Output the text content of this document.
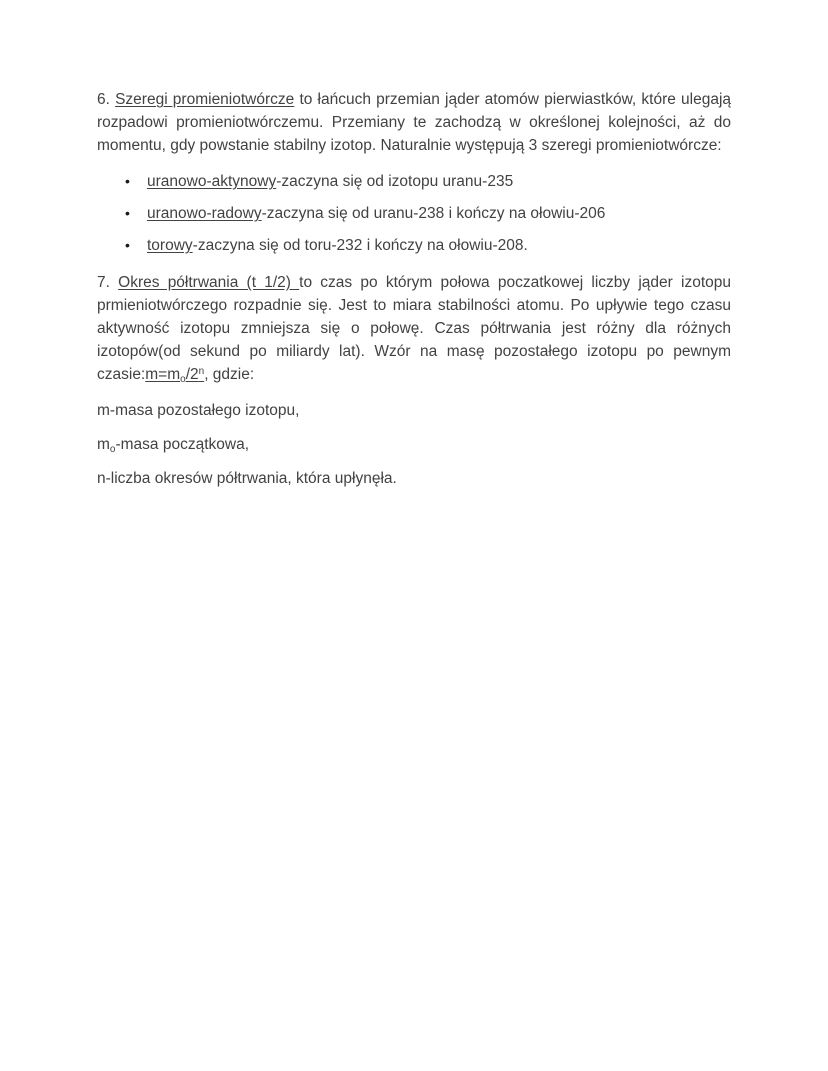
6. Szeregi promieniotwórcze to łańcuch przemian jąder atomów pierwiastków, które ulegają rozpadowi promieniotwórczemu. Przemiany te zachodzą w określonej kolejności, aż do momentu, gdy powstanie stabilny izotop. Naturalnie występują 3 szeregi promieniotwórcze:

•	uranowo-aktynowy-zaczyna się od izotopu uranu-235
•	uranowo-radowy-zaczyna się od uranu-238 i kończy na ołowiu-206
•	torowy-zaczyna się od toru-232 i kończy na ołowiu-208.

7. Okres półtrwania (t 1/2) to czas po którym połowa poczatkowej liczby jąder izotopu prmieniotwórczego rozpadnie się. Jest to miara stabilności atomu. Po upływie tego czasu aktywność izotopu zmniejsza się o połowę. Czas półtrwania jest różny dla różnych izotopów(od sekund po miliardy lat). Wzór na masę pozostałego izotopu po pewnym $czasie:m=m_o/2^n$, gdzie:

m-masa pozostałego izotopu,

$m_o$-masa początkowa,

n-liczba okresów półtrwania, która upłynęła.
